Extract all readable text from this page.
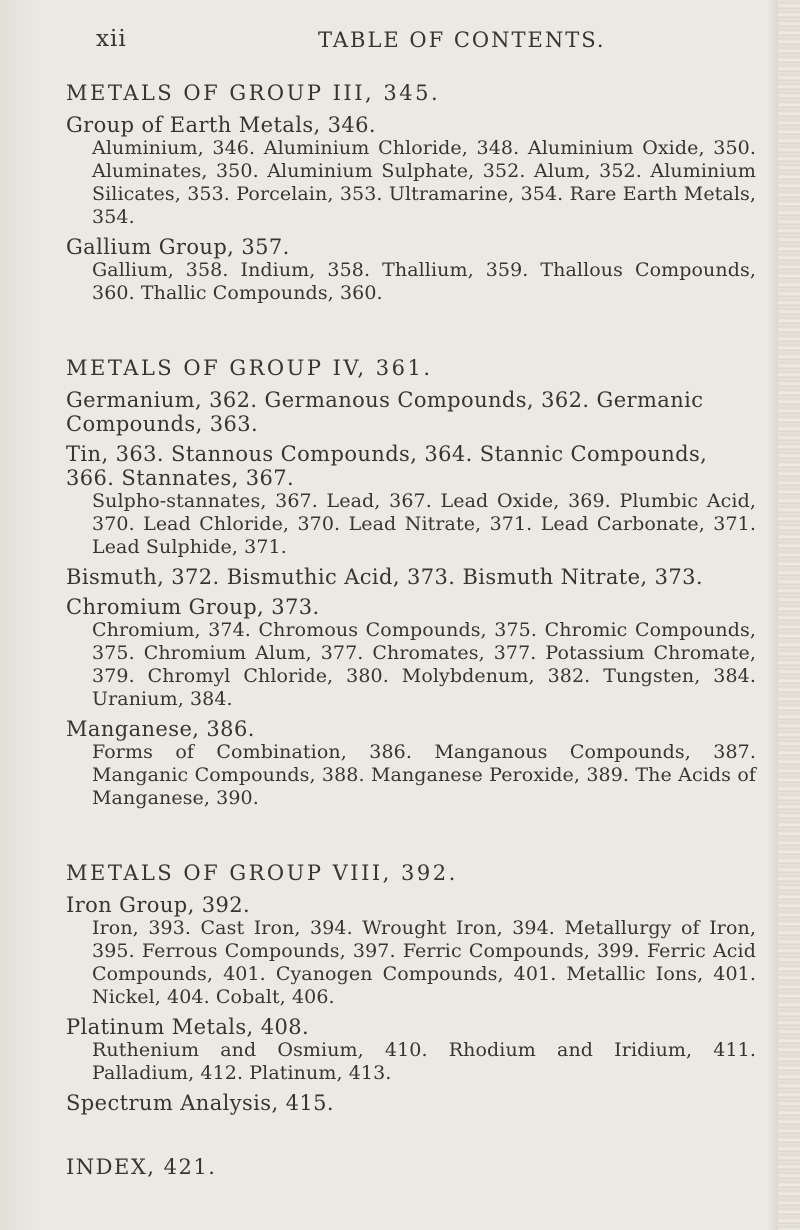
xii	TABLE OF CONTENTS.
METALS OF GROUP III, 345.
Group of Earth Metals, 346.
Aluminium, 346. Aluminium Chloride, 348. Aluminium Oxide, 350. Aluminates, 350. Aluminium Sulphate, 352. Alum, 352. Aluminium Silicates, 353. Porcelain, 353. Ultramarine, 354. Rare Earth Metals, 354.
Gallium Group, 357.
Gallium, 358. Indium, 358. Thallium, 359. Thallous Compounds, 360. Thallic Compounds, 360.
METALS OF GROUP IV, 361.
Germanium, 362. Germanous Compounds, 362. Germanic Compounds, 363.
Tin, 363. Stannous Compounds, 364. Stannic Compounds, 366. Stannates, 367.
Sulpho-stannates, 367. Lead, 367. Lead Oxide, 369. Plumbic Acid, 370. Lead Chloride, 370. Lead Nitrate, 371. Lead Carbonate, 371. Lead Sulphide, 371.
Bismuth, 372. Bismuthic Acid, 373. Bismuth Nitrate, 373.
Chromium Group, 373.
Chromium, 374. Chromous Compounds, 375. Chromic Compounds, 375. Chromium Alum, 377. Chromates, 377. Potassium Chromate, 379. Chromyl Chloride, 380. Molybdenum, 382. Tungsten, 384. Uranium, 384.
Manganese, 386.
Forms of Combination, 386. Manganous Compounds, 387. Manganic Compounds, 388. Manganese Peroxide, 389. The Acids of Manganese, 390.
METALS OF GROUP VIII, 392.
Iron Group, 392.
Iron, 393. Cast Iron, 394. Wrought Iron, 394. Metallurgy of Iron, 395. Ferrous Compounds, 397. Ferric Compounds, 399. Ferric Acid Compounds, 401. Cyanogen Compounds, 401. Metallic Ions, 401. Nickel, 404. Cobalt, 406.
Platinum Metals, 408.
Ruthenium and Osmium, 410. Rhodium and Iridium, 411. Palladium, 412. Platinum, 413.
Spectrum Analysis, 415.
INDEX, 421.
